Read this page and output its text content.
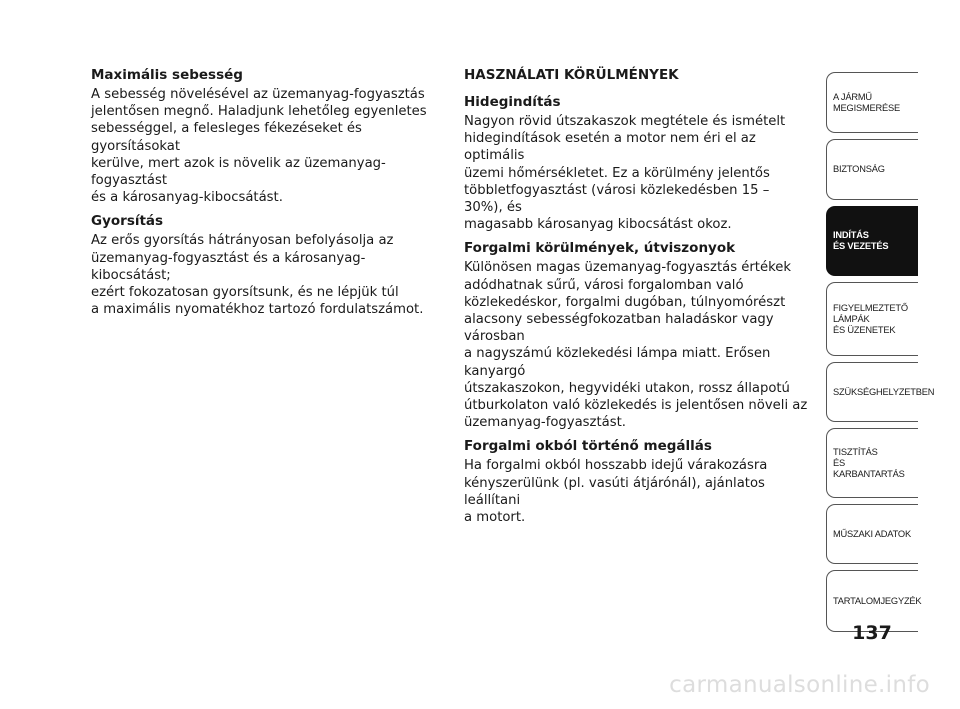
Maximális sebesség

A sebesség növelésével az üzemanyag-fogyasztás
jelentősen megnő. Haladjunk lehetőleg egyenletes
sebességgel, a felesleges fékezéseket és gyorsításokat
kerülve, mert azok is növelik az üzemanyag-fogyasztást
és a károsanyag-kibocsátást.

Gyorsítás

Az erős gyorsítás hátrányosan befolyásolja az
üzemanyag-fogyasztást és a károsanyag-kibocsátást;
ezért fokozatosan gyorsítsunk, és ne lépjük túl
a maximális nyomatékhoz tartozó fordulatszámot.

HASZNÁLATI KÖRÜLMÉNYEK
Hidegindítás

Nagyon rövid útszakaszok megtétele és ismételt
hidegindítások esetén a motor nem éri el az optimális
üzemi hőmérsékletet. Ez a körülmény jelentős
többletfogyasztást (városi közlekedésben 15 – 30%), és
magasabb károsanyag kibocsátást okoz.

Forgalmi körülmények, útviszonyok

Különösen magas üzemanyag-fogyasztás értékek
adódhatnak sűrű, városi forgalomban való
közlekedéskor, forgalmi dugóban, túlnyomórészt
alacsony sebességfokozatban haladáskor vagy városban
a nagyszámú közlekedési lámpa miatt. Erősen kanyargó
útszakaszokon, hegyvidéki utakon, rossz állapotú
útburkolaton való közlekedés is jelentősen növeli az
üzemanyag-fogyasztást.

Forgalmi okból történő megállás

Ha forgalmi okból hosszabb idejű várakozásra
kényszerülünk (pl. vasúti átjárónál), ajánlatos leállítani
a motort.

A JÁRMŰ
MEGISMERÉSE
BIZTONSÁG
INDÍTÁS
ÉS VEZETÉS
FIGYELMEZTETŐ
LÁMPÁK
ÉS ÜZENETEK
SZÜKSÉGHELYZETBEN
TISZTÍTÁS
ÉS KARBANTARTÁS
MŰSZAKI ADATOK
TARTALOMJEGYZÉK
137
carmanualsonline.info
